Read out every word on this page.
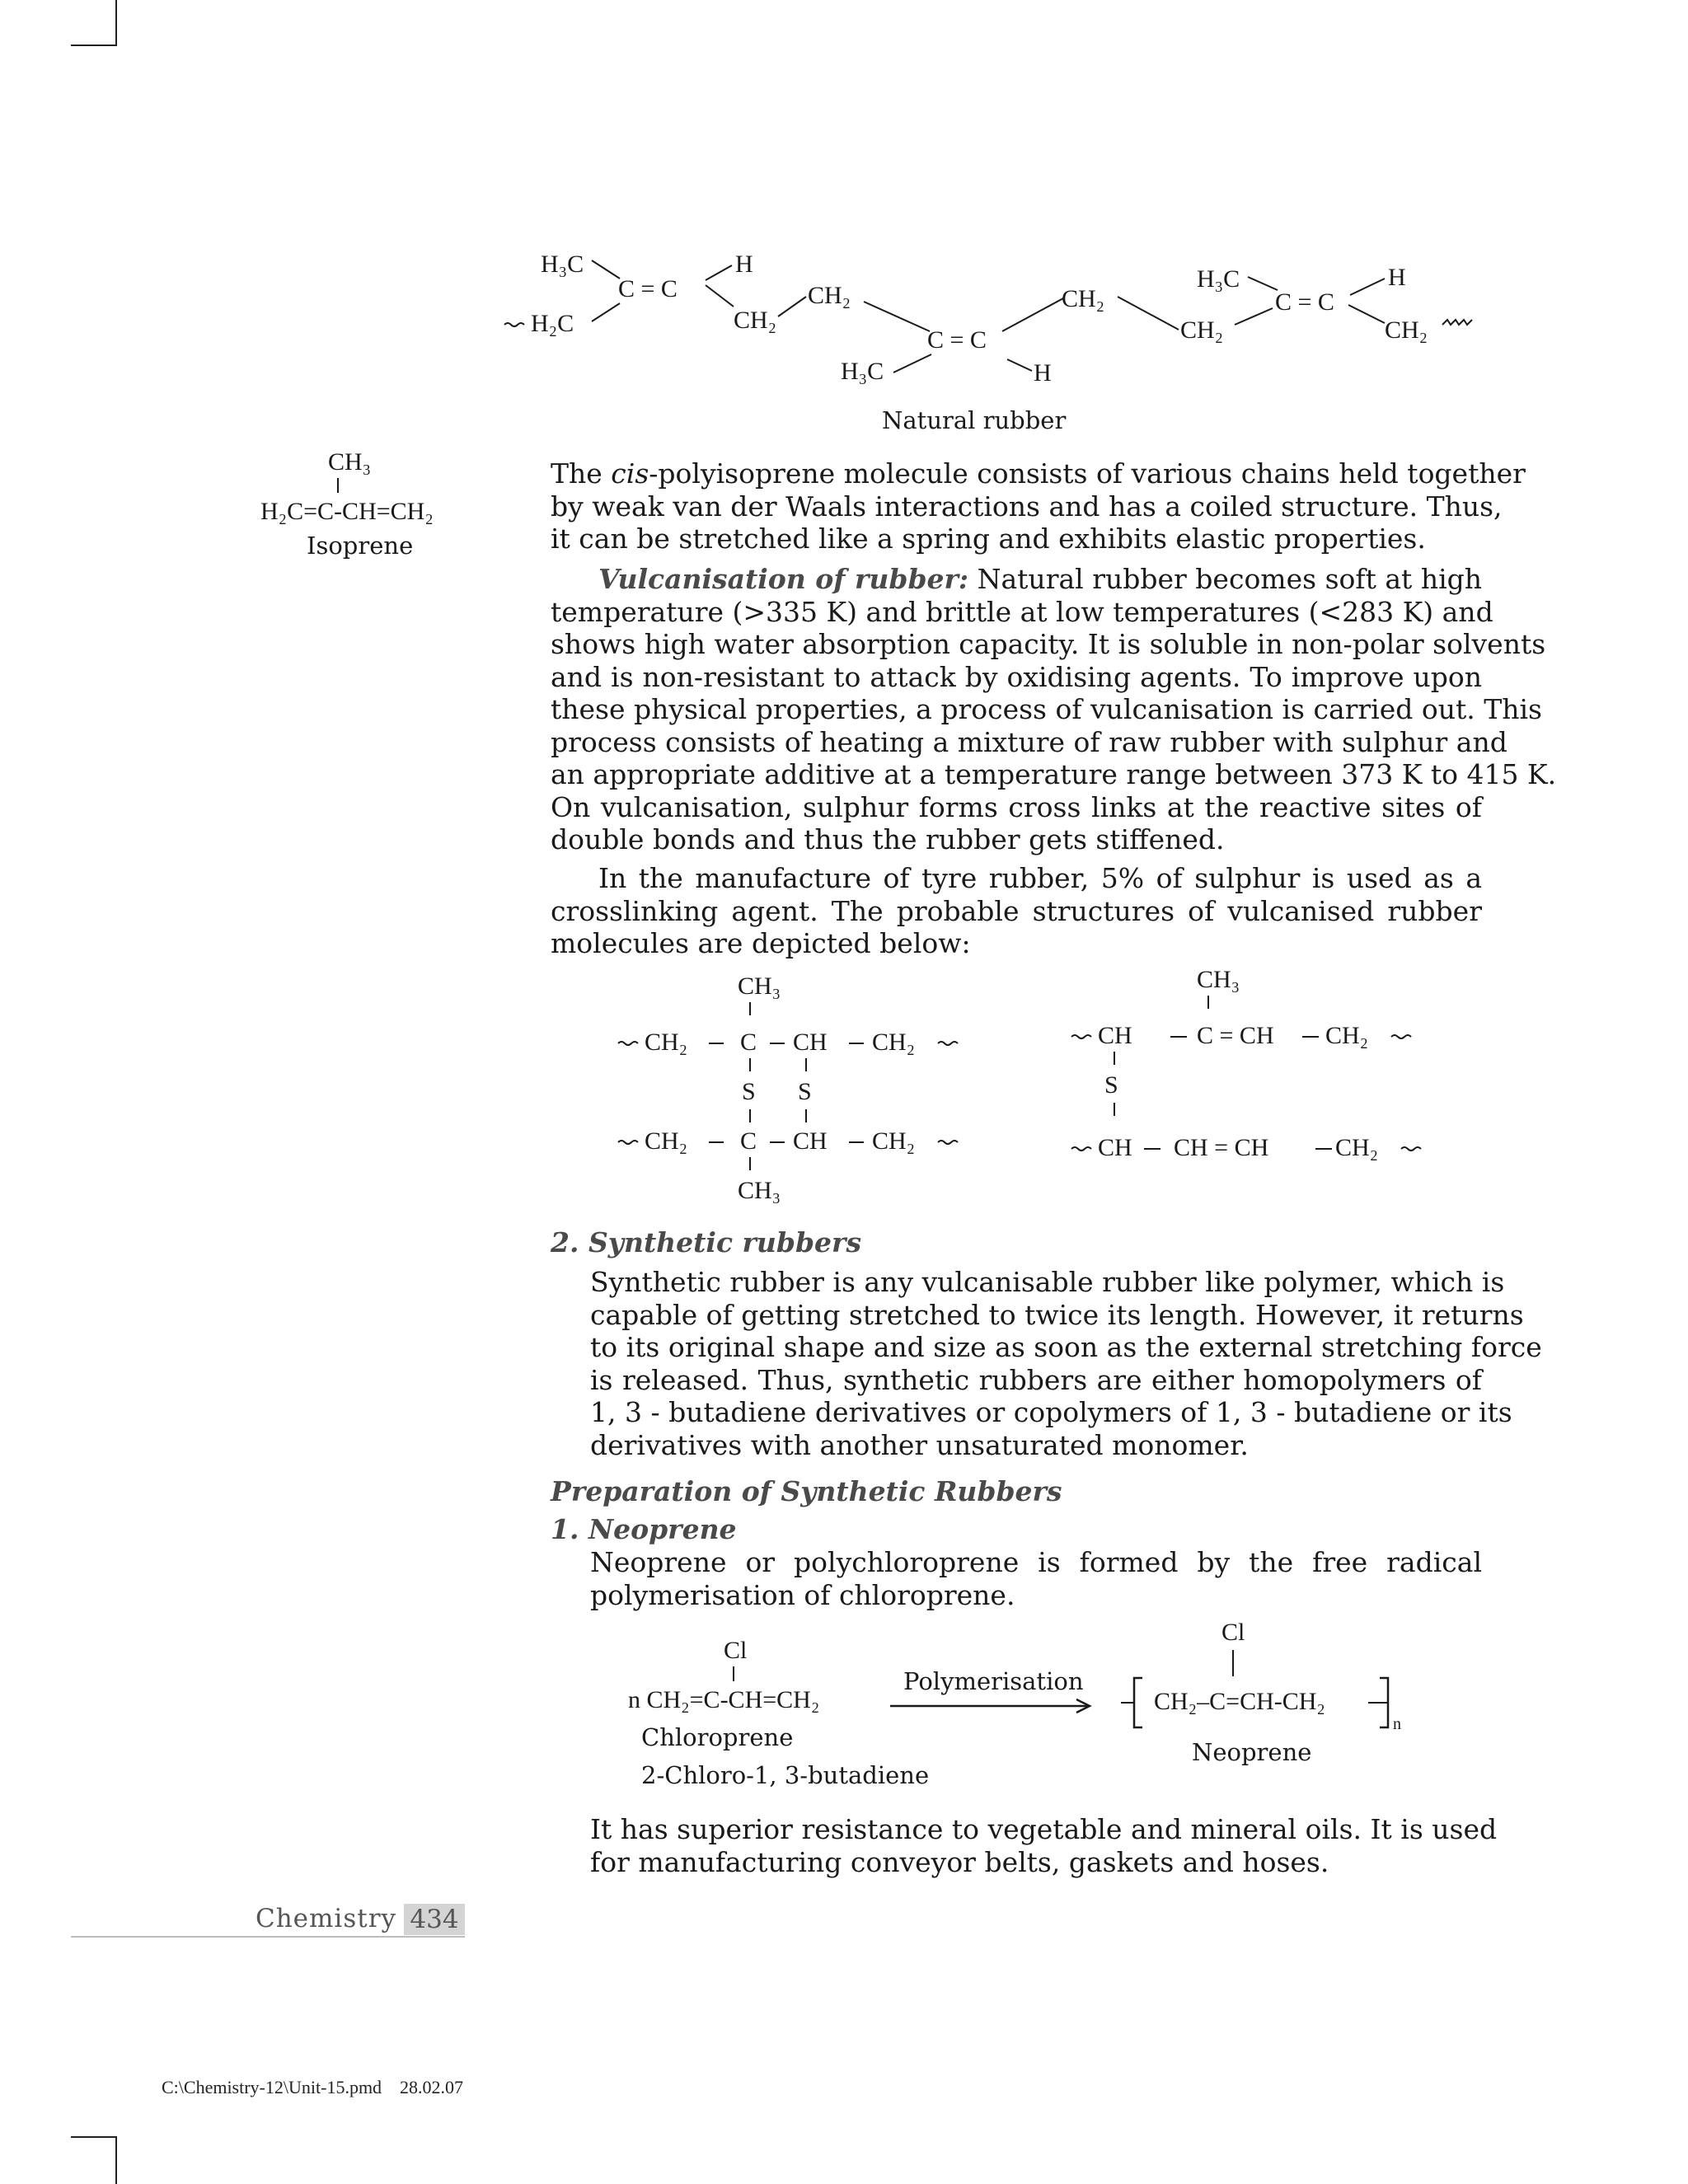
H₃C	H
C = C
H₂C	CH₂
CH₂
C = C
H₃C	H
CH₂
H₃C
C = C
H
CH₂	CH₂
Natural rubber
CH₃
H₂C=C-CH=CH₂
Isoprene
The cis-polyisoprene molecule consists of various chains held together
by weak van der Waals interactions and has a coiled structure. Thus,
it can be stretched like a spring and exhibits elastic properties.
Vulcanisation of rubber: Natural rubber becomes soft at high
temperature (>335 K) and brittle at low temperatures (<283 K) and
shows high water absorption capacity. It is soluble in non-polar solvents
and is non-resistant to attack by oxidising agents. To improve upon
these physical properties, a process of vulcanisation is carried out. This
process consists of heating a mixture of raw rubber with sulphur and
an appropriate additive at a temperature range between 373 K to 415 K.
On vulcanisation, sulphur forms cross links at the reactive sites of
double bonds and thus the rubber gets stiffened.
In the manufacture of tyre rubber, 5% of sulphur is used as a
crosslinking agent. The probable structures of vulcanised rubber
molecules are depicted below:
CH₃
CH₂ C CH CH₂
S S
CH₂ C CH CH₂
CH₃
CH₃
CH	C = CH CH₂
S
CH CH = CH	CH₂
2. Synthetic rubbers
Synthetic rubber is any vulcanisable rubber like polymer, which is
capable of getting stretched to twice its length. However, it returns
to its original shape and size as soon as the external stretching force
is released. Thus, synthetic rubbers are either homopolymers of
1, 3 - butadiene derivatives or copolymers of 1, 3 - butadiene or its
derivatives with another unsaturated monomer.
Preparation of Synthetic Rubbers
1. Neoprene
Neoprene or polychloroprene is formed by the free radical
polymerisation of chloroprene.
Cl
n CH₂=C-CH=CH₂
Chloroprene
2-Chloro-1, 3-butadiene
Polymerisation
Cl
CH₂–C=CH-CH₂
n
Neoprene
It has superior resistance to vegetable and mineral oils. It is used
for manufacturing conveyor belts, gaskets and hoses.
Chemistry 434
C:\Chemistry-12\Unit-15.pmd    28.02.07
